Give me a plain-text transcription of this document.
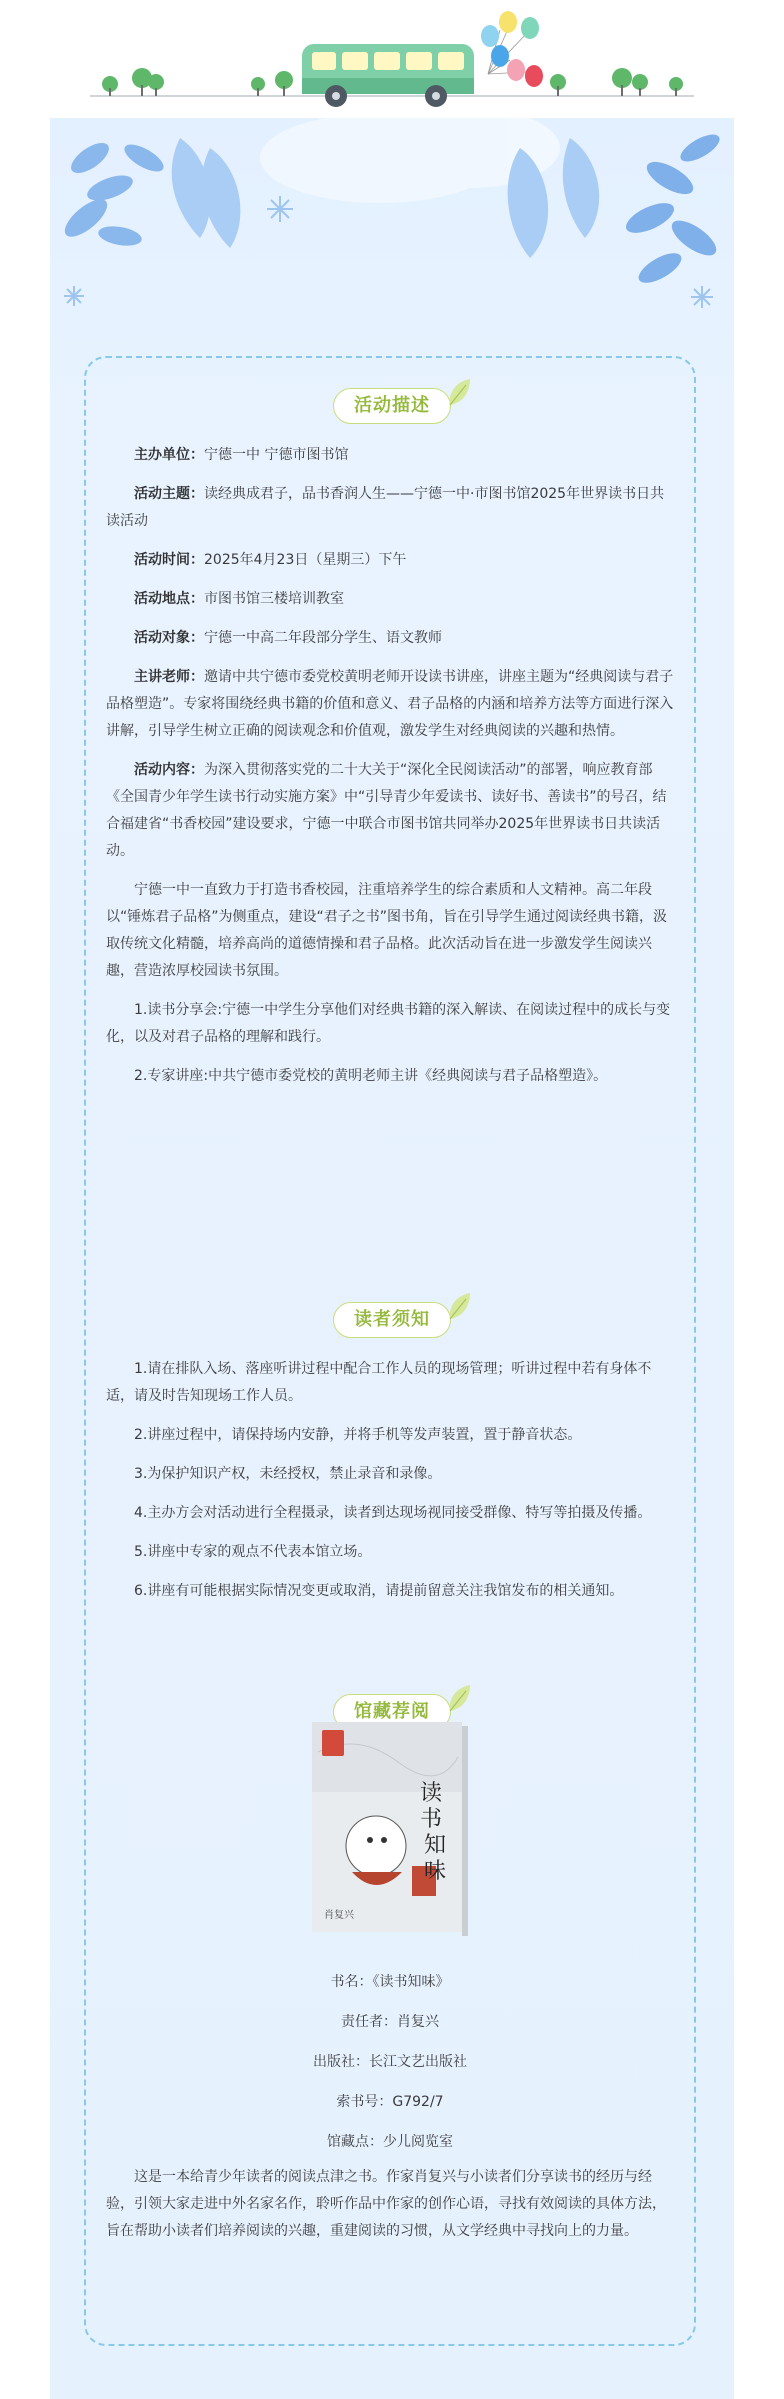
活动描述

主办单位：宁德一中 宁德市图书馆

活动主题：读经典成君子，品书香润人生——宁德一中·市图书馆2025年世界读书日共读活动

活动时间：2025年4月23日（星期三）下午

活动地点：市图书馆三楼培训教室

活动对象：宁德一中高二年段部分学生、语文教师

主讲老师：邀请中共宁德市委党校黄明老师开设读书讲座，讲座主题为“经典阅读与君子品格塑造”。专家将围绕经典书籍的价值和意义、君子品格的内涵和培养方法等方面进行深入讲解，引导学生树立正确的阅读观念和价值观，激发学生对经典阅读的兴趣和热情。

活动内容：为深入贯彻落实党的二十大关于“深化全民阅读活动”的部署，响应教育部《全国青少年学生读书行动实施方案》中“引导青少年爱读书、读好书、善读书”的号召，结合福建省“书香校园”建设要求，宁德一中联合市图书馆共同举办2025年世界读书日共读活动。

宁德一中一直致力于打造书香校园，注重培养学生的综合素质和人文精神。高二年段以“锤炼君子品格”为侧重点，建设“君子之书”图书角，旨在引导学生通过阅读经典书籍，汲取传统文化精髓，培养高尚的道德情操和君子品格。此次活动旨在进一步激发学生阅读兴趣，营造浓厚校园读书氛围。

1.读书分享会:宁德一中学生分享他们对经典书籍的深入解读、在阅读过程中的成长与变化，以及对君子品格的理解和践行。

2.专家讲座:中共宁德市委党校的黄明老师主讲《经典阅读与君子品格塑造》。

读者须知

1.请在排队入场、落座听讲过程中配合工作人员的现场管理；听讲过程中若有身体不适，请及时告知现场工作人员。

2.讲座过程中，请保持场内安静，并将手机等发声装置，置于静音状态。

3.为保护知识产权，未经授权，禁止录音和录像。

4.主办方会对活动进行全程摄录，读者到达现场视同接受群像、特写等拍摄及传播。

5.讲座中专家的观点不代表本馆立场。

6.讲座有可能根据实际情况变更或取消，请提前留意关注我馆发布的相关通知。

馆藏荐阅
读
书
知
味
肖复兴
书名：《读书知味》
责任者：肖复兴
出版社：长江文艺出版社
索书号：G792/7
馆藏点：少儿阅览室

这是一本给青少年读者的阅读点津之书。作家肖复兴与小读者们分享读书的经历与经验，引领大家走进中外名家名作，聆听作品中作家的创作心语，寻找有效阅读的具体方法，旨在帮助小读者们培养阅读的兴趣，重建阅读的习惯，从文学经典中寻找向上的力量。
